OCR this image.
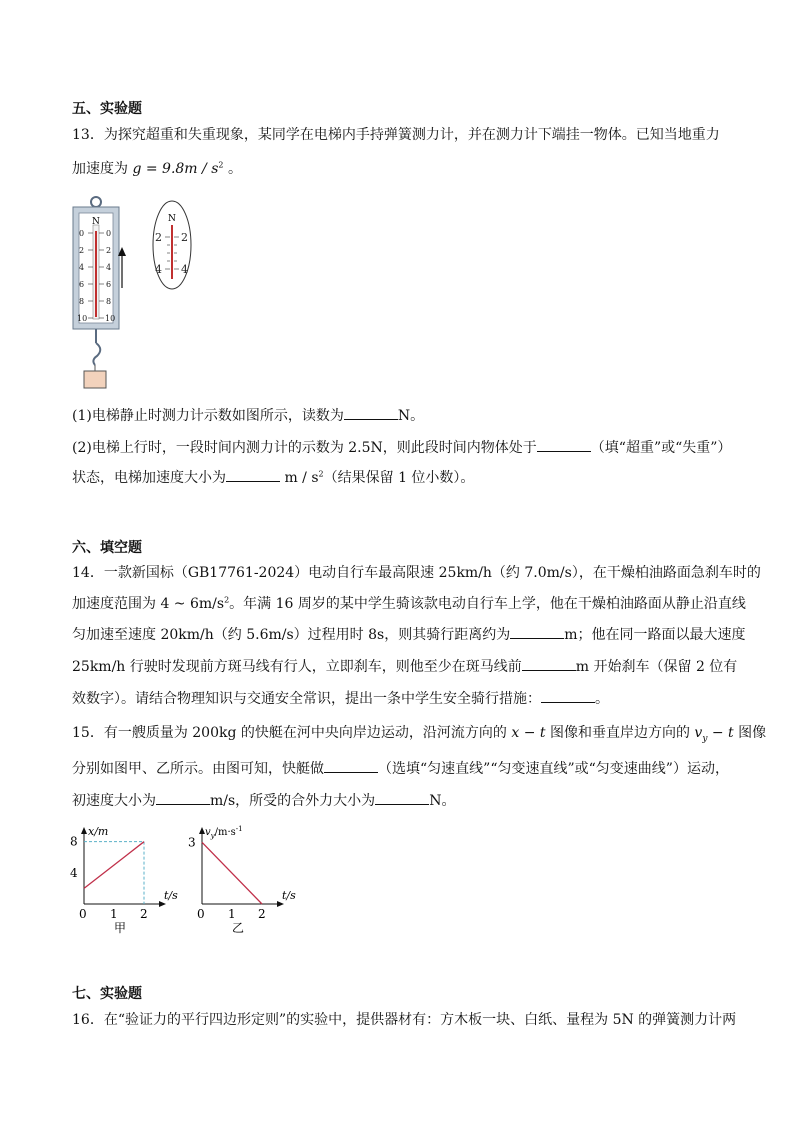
五、实验题
13．为探究超重和失重现象，某同学在电梯内手持弹簧测力计，并在测力计下端挂一物体。已知当地重力
加速度为 $g = 9.8m / s^2$ 。
N
0
2
4
6
8
10
0
2
4
6
8
10
N
2 2
4 4
(1)电梯静止时测力计示数如图所示，读数为	N。
(2)电梯上行时，一段时间内测力计的示数为 2.5N，则此段时间内物体处于	（填“超重”或“失重”）
状态，电梯加速度大小为	m / $s^2$（结果保留 1 位小数）。
六、填空题
14．一款新国标（GB17761-2024）电动自行车最高限速 25km/h（约 7.0m/s），在干燥柏油路面急刹车时的
加速度范围为 4 ~ $6m/s^2$。年满 16 周岁的某中学生骑该款电动自行车上学，他在干燥柏油路面从静止沿直线
匀加速至速度 20km/h（约 5.6m/s）过程用时 8s，则其骑行距离约为	m；他在同一路面以最大速度
25km/h 行驶时发现前方斑马线有行人，立即刹车，则他至少在斑马线前	m 开始刹车（保留 2 位有
效数字）。请结合物理知识与交通安全常识，提出一条中学生安全骑行措施：	。
15．有一艘质量为 200kg 的快艇在河中央向岸边运动，沿河流方向的 x − t 图像和垂直岸边方向的 $v_y - t$ 图像
分别如图甲、乙所示。由图可知，快艇做	（选填“匀速直线”“匀变速直线”或“匀变速曲线”）运动，
初速度大小为	m/s，所受的合外力大小为	N。
x/m
t/s
8
4
0 1 2
甲
$v_y/m\cdot s^{-1}$
t/s
3
0 1 2
乙
七、实验题
16．在“验证力的平行四边形定则”的实验中，提供器材有：方木板一块、白纸、量程为 5N 的弹簧测力计两
